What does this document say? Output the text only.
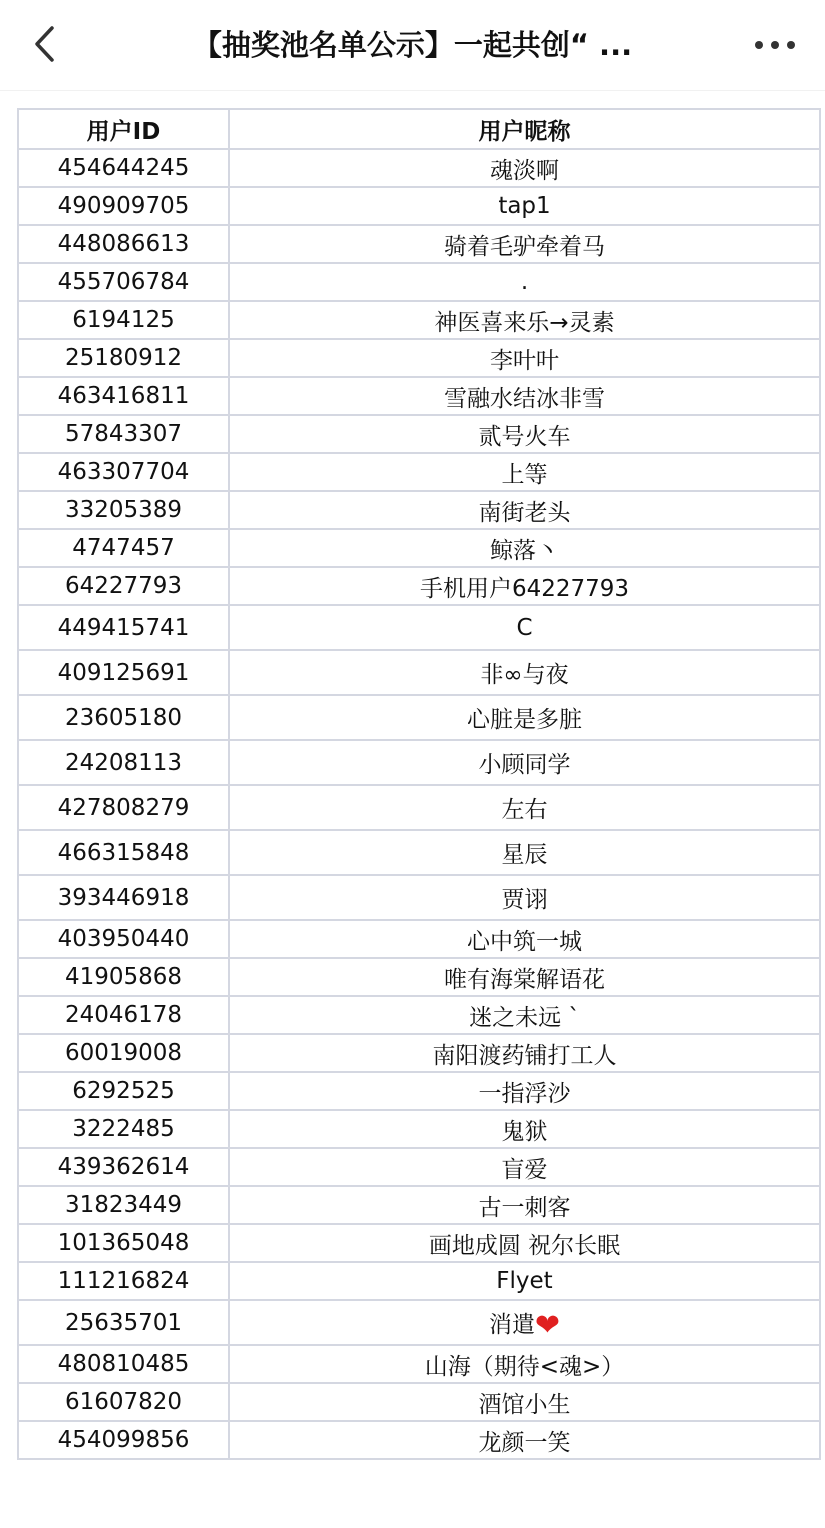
【抽奖池名单公示】一起共创“ ...
用户ID	用户昵称
454644245	魂淡啊
490909705	tap1
448086613	骑着毛驴牵着马
455706784	.
6194125	神医喜来乐→灵素
25180912	李叶叶
463416811	雪融水结冰非雪
57843307	贰号火车
463307704	上等
33205389	南街老头
4747457	鲸落丶
64227793	手机用户64227793
449415741	C
409125691	非∞与夜
23605180	心脏是多脏
24208113	小顾同学
427808279	左右
466315848	星辰
393446918	贾诩
403950440	心中筑一城
41905868	唯有海棠解语花
24046178	迷之未远 `
60019008	南阳渡药铺打工人
6292525	一指浮沙
3222485	鬼狱
439362614	盲爱
31823449	古一刺客
101365048	画地成圆 祝尔长眠
111216824	Flyet
25635701	消遣❤
480810485	山海（期待<魂>）
61607820	酒馆小生
454099856	龙颜一笑
